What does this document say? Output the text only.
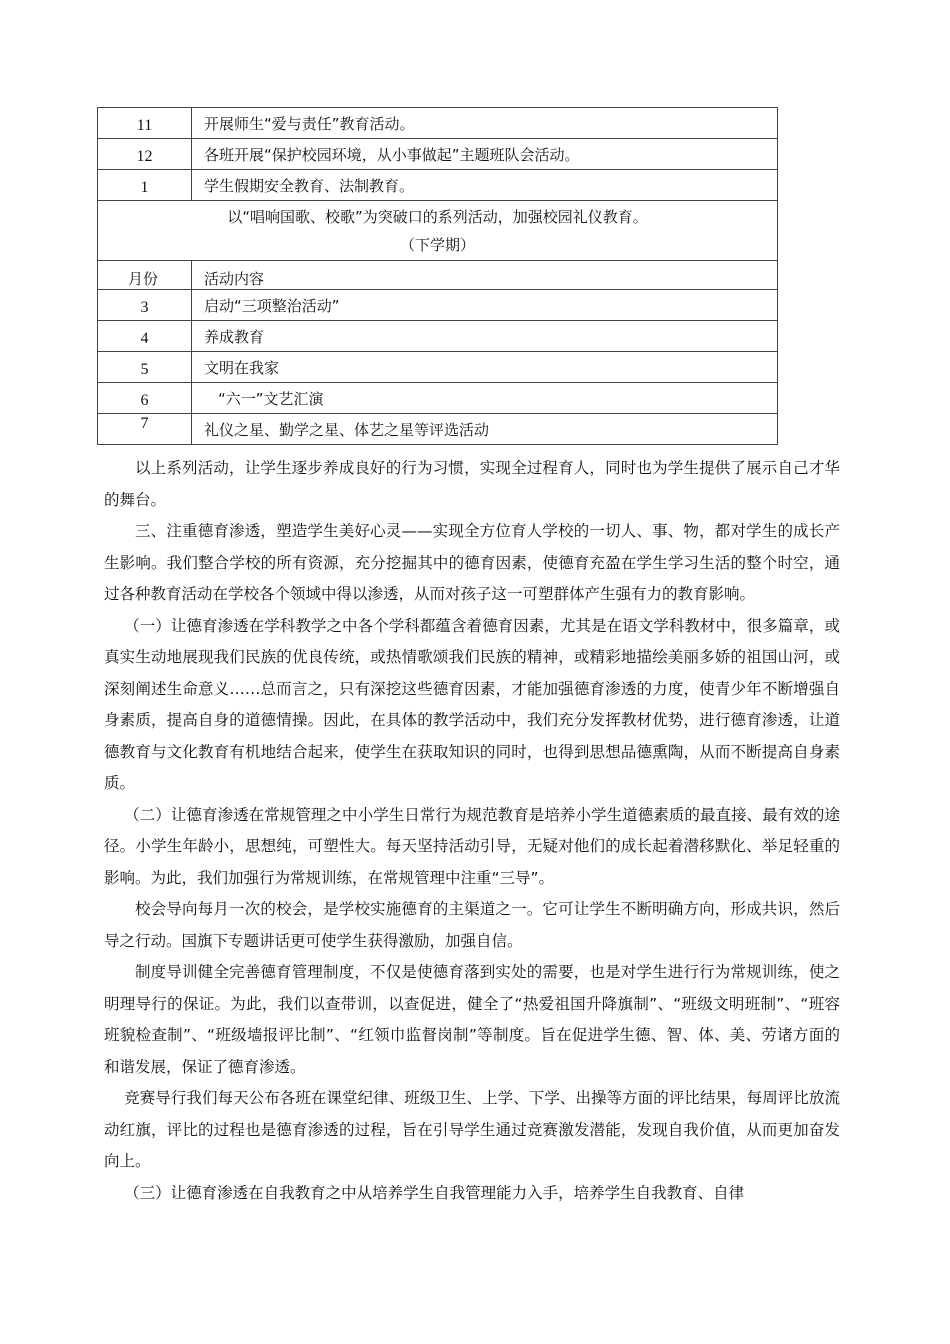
11	开展师生“爱与责任”教育活动。
12	各班开展“保护校园环境，从小事做起”主题班队会活动。
1	学生假期安全教育、法制教育。

以“唱响国歌、校歌”为突破口的系列活动，加强校园礼仪教育。
（下学期）	

月份	活动内容
3	启动“三项整治活动”
4	养成教育
5	文明在我家
6	“六一”文艺汇演
7	礼仪之星、勤学之星、体艺之星等评选活动

以上系列活动，让学生逐步养成良好的行为习惯，实现全过程育人，同时也为学生提供了展示自己才华的舞台。

三、注重德育渗透，塑造学生美好心灵——实现全方位育人学校的一切人、事、物，都对学生的成长产生影响。我们整合学校的所有资源，充分挖掘其中的德育因素，使德育充盈在学生学习生活的整个时空，通过各种教育活动在学校各个领域中得以渗透，从而对孩子这一可塑群体产生强有力的教育影响。

（一）让德育渗透在学科教学之中各个学科都蕴含着德育因素，尤其是在语文学科教材中，很多篇章，或真实生动地展现我们民族的优良传统，或热情歌颂我们民族的精神，或精彩地描绘美丽多娇的祖国山河，或深刻阐述生命意义……总而言之，只有深挖这些德育因素，才能加强德育渗透的力度，使青少年不断增强自身素质，提高自身的道德情操。因此，在具体的教学活动中，我们充分发挥教材优势，进行德育渗透，让道德教育与文化教育有机地结合起来，使学生在获取知识的同时，也得到思想品德熏陶，从而不断提高自身素质。

（二）让德育渗透在常规管理之中小学生日常行为规范教育是培养小学生道德素质的最直接、最有效的途径。小学生年龄小，思想纯，可塑性大。每天坚持活动引导，无疑对他们的成长起着潜移默化、举足轻重的影响。为此，我们加强行为常规训练，在常规管理中注重“三导”。

校会导向每月一次的校会，是学校实施德育的主渠道之一。它可让学生不断明确方向，形成共识，然后导之行动。国旗下专题讲话更可使学生获得激励，加强自信。

制度导训健全完善德育管理制度，不仅是使德育落到实处的需要，也是对学生进行行为常规训练，使之明理导行的保证。为此，我们以查带训，以查促进，健全了“热爱祖国升降旗制”、“班级文明班制”、“班容班貌检查制”、“班级墙报评比制”、“红领巾监督岗制”等制度。旨在促进学生德、智、体、美、劳诸方面的和谐发展，保证了德育渗透。

竞赛导行我们每天公布各班在课堂纪律、班级卫生、上学、下学、出操等方面的评比结果，每周评比放流动红旗，评比的过程也是德育渗透的过程，旨在引导学生通过竞赛激发潜能，发现自我价值，从而更加奋发向上。

（三）让德育渗透在自我教育之中从培养学生自我管理能力入手，培养学生自我教育、自律
